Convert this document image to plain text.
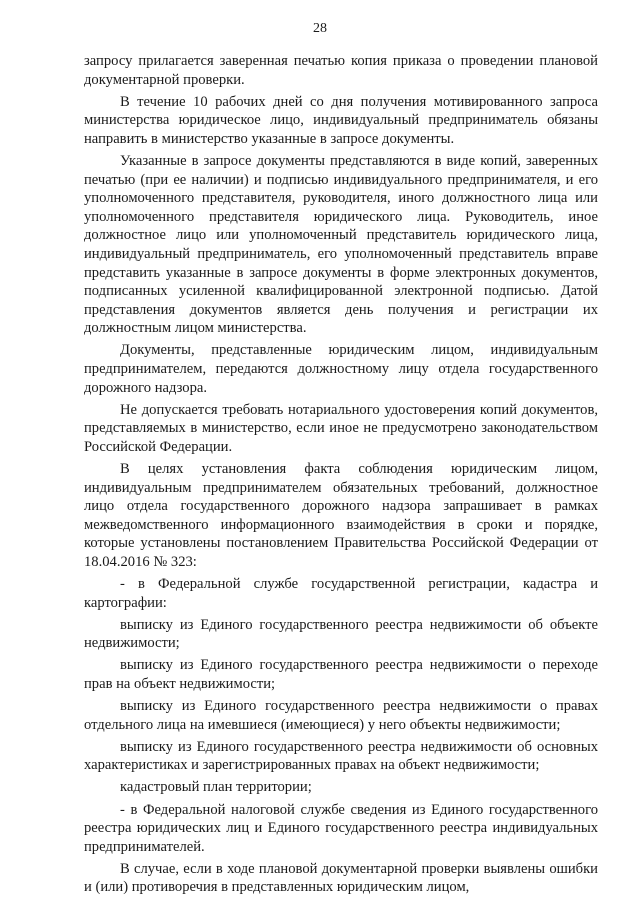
28

запросу прилагается заверенная печатью копия приказа о проведении плановой документарной проверки.

В течение 10 рабочих дней со дня получения мотивированного запроса министерства юридическое лицо, индивидуальный предприниматель обязаны направить в министерство указанные в запросе документы.

Указанные в запросе документы представляются в виде копий, заверенных печатью (при ее наличии) и подписью индивидуального предпринимателя, и его уполномоченного представителя, руководителя, иного должностного лица или уполномоченного представителя юридического лица. Руководитель, иное должностное лицо или уполномоченный представитель юридического лица, индивидуальный предприниматель, его уполномоченный представитель вправе представить указанные в запросе документы в форме электронных документов, подписанных усиленной квалифицированной электронной подписью. Датой представления документов является день получения и регистрации их должностным лицом министерства.

Документы, представленные юридическим лицом, индивидуальным предпринимателем, передаются должностному лицу отдела государственного дорожного надзора.

Не допускается требовать нотариального удостоверения копий документов, представляемых в министерство, если иное не предусмотрено законодательством Российской Федерации.

В целях установления факта соблюдения юридическим лицом, индивидуальным предпринимателем обязательных требований, должностное лицо отдела государственного дорожного надзора запрашивает в рамках межведомственного информационного взаимодействия в сроки и порядке, которые установлены постановлением Правительства Российской Федерации от 18.04.2016 № 323:

- в Федеральной службе государственной регистрации, кадастра и картографии:

выписку из Единого государственного реестра недвижимости об объекте недвижимости;

выписку из Единого государственного реестра недвижимости о переходе прав на объект недвижимости;

выписку из Единого государственного реестра недвижимости о правах отдельного лица на имевшиеся (имеющиеся) у него объекты недвижимости;

выписку из Единого государственного реестра недвижимости об основных характеристиках и зарегистрированных правах на объект недвижимости;

кадастровый план территории;

- в Федеральной налоговой службе сведения из Единого государственного реестра юридических лиц и Единого государственного реестра индивидуальных предпринимателей.

В случае, если в ходе плановой документарной проверки выявлены ошибки и (или) противоречия в представленных юридическим лицом,
